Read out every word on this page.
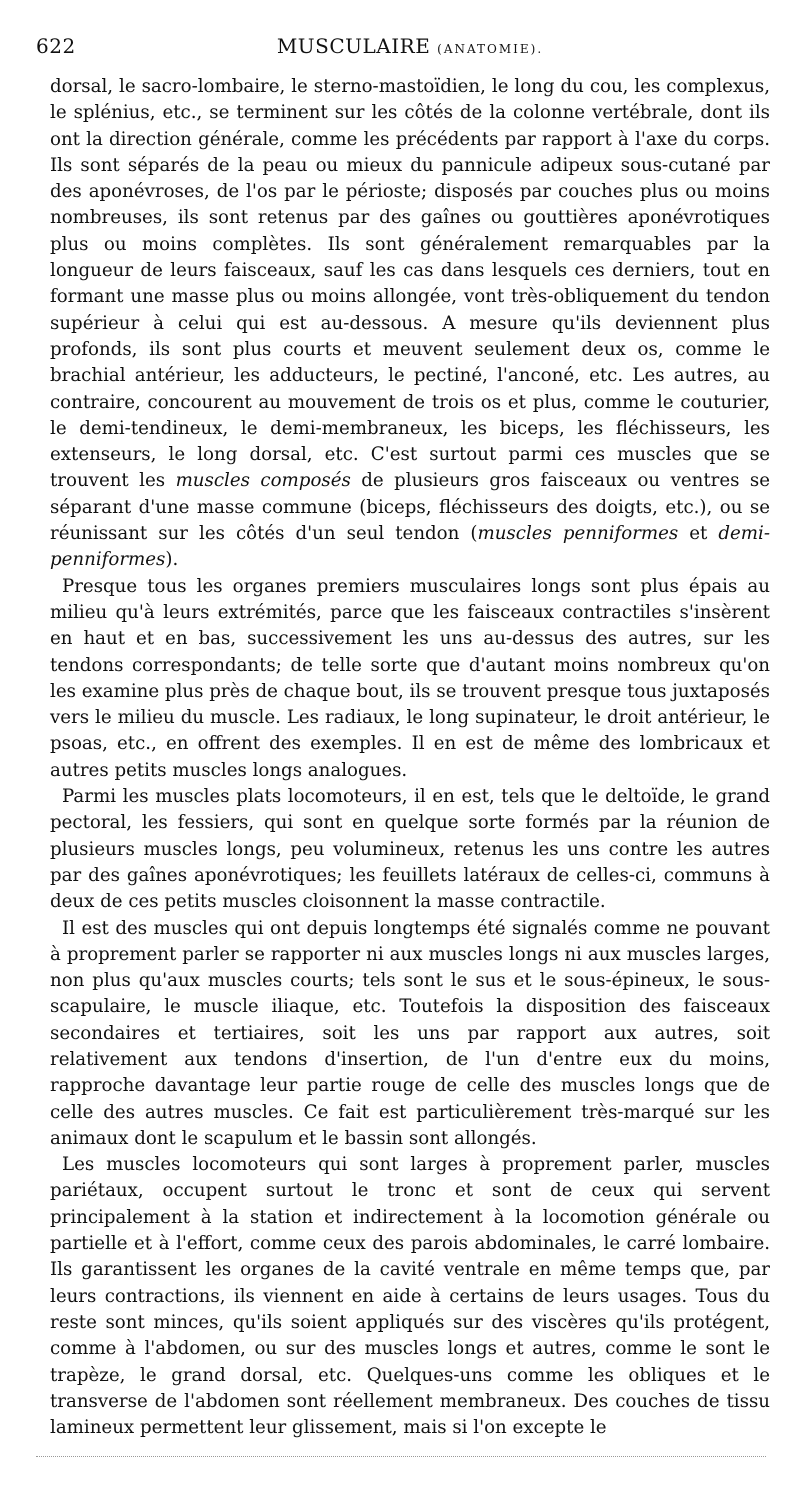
622	MUSCULAIRE (ANATOMIE).

dorsal, le sacro-lombaire, le sterno-mastoïdien, le long du cou, les complexus, le splénius, etc., se terminent sur les côtés de la colonne vertébrale, dont ils ont la direction générale, comme les précédents par rapport à l'axe du corps. Ils sont séparés de la peau ou mieux du pannicule adipeux sous-cutané par des aponévroses, de l'os par le périoste; disposés par couches plus ou moins nombreuses, ils sont retenus par des gaînes ou gouttières aponévrotiques plus ou moins complètes. Ils sont généralement remarquables par la longueur de leurs faisceaux, sauf les cas dans lesquels ces derniers, tout en formant une masse plus ou moins allongée, vont très-obliquement du tendon supérieur à celui qui est au-dessous. A mesure qu'ils deviennent plus profonds, ils sont plus courts et meuvent seulement deux os, comme le brachial antérieur, les adducteurs, le pectiné, l'anconé, etc. Les autres, au contraire, concourent au mouvement de trois os et plus, comme le couturier, le demi-tendineux, le demi-membraneux, les biceps, les fléchisseurs, les extenseurs, le long dorsal, etc. C'est surtout parmi ces muscles que se trouvent les muscles composés de plusieurs gros faisceaux ou ventres se séparant d'une masse commune (biceps, fléchisseurs des doigts, etc.), ou se réunissant sur les côtés d'un seul tendon (muscles penniformes et demi-penniformes).

Presque tous les organes premiers musculaires longs sont plus épais au milieu qu'à leurs extrémités, parce que les faisceaux contractiles s'insèrent en haut et en bas, successivement les uns au-dessus des autres, sur les tendons correspondants; de telle sorte que d'autant moins nombreux qu'on les examine plus près de chaque bout, ils se trouvent presque tous juxtaposés vers le milieu du muscle. Les radiaux, le long supinateur, le droit antérieur, le psoas, etc., en offrent des exemples. Il en est de même des lombricaux et autres petits muscles longs analogues.

Parmi les muscles plats locomoteurs, il en est, tels que le deltoïde, le grand pectoral, les fessiers, qui sont en quelque sorte formés par la réunion de plusieurs muscles longs, peu volumineux, retenus les uns contre les autres par des gaînes aponévrotiques; les feuillets latéraux de celles-ci, communs à deux de ces petits muscles cloisonnent la masse contractile.

Il est des muscles qui ont depuis longtemps été signalés comme ne pouvant à proprement parler se rapporter ni aux muscles longs ni aux muscles larges, non plus qu'aux muscles courts; tels sont le sus et le sous-épineux, le sous-scapulaire, le muscle iliaque, etc. Toutefois la disposition des faisceaux secondaires et tertiaires, soit les uns par rapport aux autres, soit relativement aux tendons d'insertion, de l'un d'entre eux du moins, rapproche davantage leur partie rouge de celle des muscles longs que de celle des autres muscles. Ce fait est particulièrement très-marqué sur les animaux dont le scapulum et le bassin sont allongés.

Les muscles locomoteurs qui sont larges à proprement parler, muscles pariétaux, occupent surtout le tronc et sont de ceux qui servent principalement à la station et indirectement à la locomotion générale ou partielle et à l'effort, comme ceux des parois abdominales, le carré lombaire. Ils garantissent les organes de la cavité ventrale en même temps que, par leurs contractions, ils viennent en aide à certains de leurs usages. Tous du reste sont minces, qu'ils soient appliqués sur des viscères qu'ils protégent, comme à l'abdomen, ou sur des muscles longs et autres, comme le sont le trapèze, le grand dorsal, etc. Quelques-uns comme les obliques et le transverse de l'abdomen sont réellement membraneux. Des couches de tissu lamineux permettent leur glissement, mais si l'on excepte le
